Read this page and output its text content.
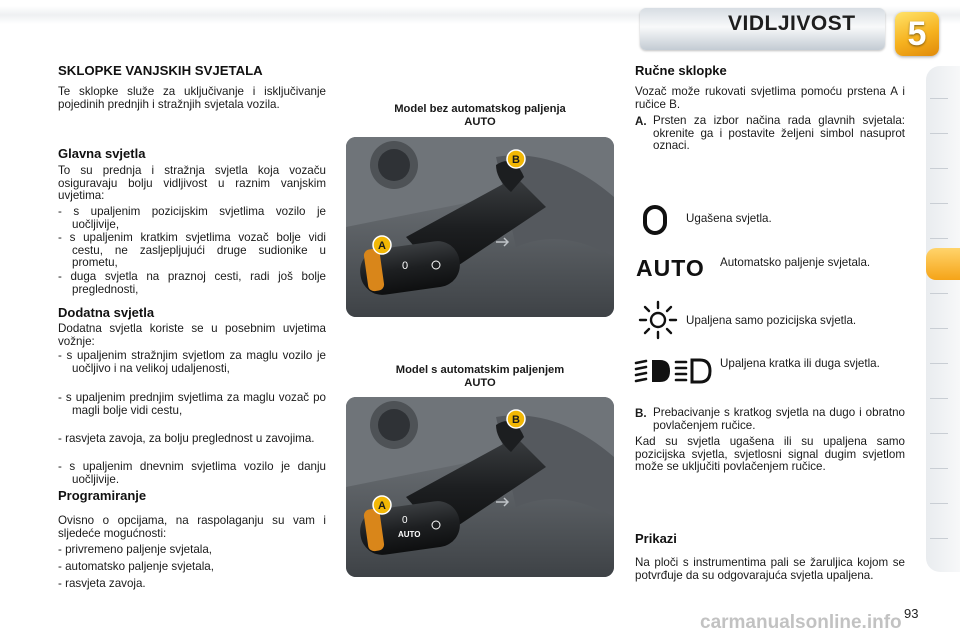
VIDLJIVOST	5
SKLOPKE VANJSKIH SVJETALA

Te sklopke služe za uključivanje i isključivanje pojedinih prednjih i stražnjih svjetala vozila.

Glavna svjetla

To su prednja i stražnja svjetla koja vozaču osiguravaju bolju vidljivost u raznim vanjskim uvjetima:

- s upaljenim pozicijskim svjetlima vozilo je uočljivije,

- s upaljenim kratkim svjetlima vozač bolje vidi cestu, ne zasljepljujući druge sudionike u prometu,

- duga svjetla na praznoj cesti, radi još bolje preglednosti,

Dodatna svjetla

Dodatna svjetla koriste se u posebnim uvjetima vožnje:

- s upaljenim stražnjim svjetlom za maglu vozilo je uočljivo i na velikoj udaljenosti,

- s upaljenim prednjim svjetlima za maglu vozač po magli bolje vidi cestu,

- rasvjeta zavoja, za bolju preglednost u zavojima.

- s upaljenim dnevnim svjetlima vozilo je danju uočljivije.

Programiranje

Ovisno o opcijama, na raspolaganju su vam i sljedeće mogućnosti:

- privremeno paljenje svjetala,

- automatsko paljenje svjetala,

- rasvjeta zavoja.

Model bez automatskog paljenja AUTO
0
A
B
Model s automatskim paljenjem AUTO
0
AUTO
A
B
Ručne sklopke

Vozač može rukovati svjetlima pomoću prstena A i ručice B.

A. Prsten za izbor načina rada glavnih svjetala: okrenite ga i postavite željeni simbol nasuprot oznaci.

Ugašena svjetla.
AUTO Automatsko paljenje svjetala.

Upaljena samo pozicijska svjetla.

Upaljena kratka ili duga svjetla.

B. Prebacivanje s kratkog svjetla na dugo i obratno povlačenjem ručice.

Kad su svjetla ugašena ili su upaljena samo pozicijska svjetla, svjetlosni signal dugim svjetlom može se uključiti povlačenjem ručice.

Prikazi

Na ploči s instrumentima pali se žaruljica kojom se potvrđuje da su odgovarajuća svjetla upaljena.

93
carmanualsonline.info
